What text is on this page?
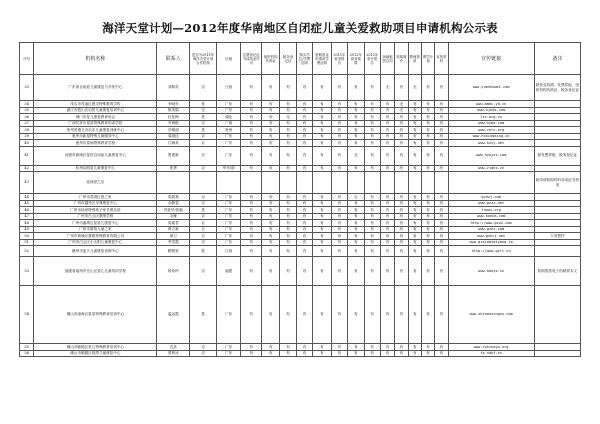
海洋天堂计划—2012年度华南地区自闭症儿童关爱救助项目申请机构公示表
序号	机构名称	联系人	是否为2011年海洋天堂计划合作机构	区域	注册登记证书或执业许可	组织机构代码证	税务登记证	购买学位/学费证明	资助资金申请或学费证明	2011年财务报告	2012年财务预算	2012年审计报告	场地租赁合同	机构简介	教师资质	教学计划	宣传资料	宣传链接	备注
33	广东省自闭症儿童康复与开发中心	刘树英	否	江西	有	有	有	有	有	有	有	有	无	有	无	有	有	www.yueshuwei.com	缺营业执照、发票样板、组织机构代码证、税务登记证
34	茂名市茂南区慧灵特殊教育学校	李晓东	是	广东	有	有	有	有	有	有	有	有	有	无	有	有	有	www.mmbc.yd.cn	
35	湛江市霞山区启智儿童康复培训中心	陈美娟	否	广东	有	有	有	有	有	有	有	有	有	无	有	有	有	www.zjkdz.com	
36	荆门市星儿康复教育协会	杜桂梅	是	湖北	有	有	无	有	有	有	有	有	有	有	有	有	有	lxc.org.cn	
37	广西凭祥市星星特殊教育培训学校	韦海艳	否	广西	有	有	有	有	有	有	有	有	有	有	有	有	有	www.xyea.com	
38	贵州省遵义市乐乐儿童康复训练中心	冯雅丽	是	贵州	有	有	有	有	有	有	有	有	有	有	有	有	有	www.zyrc.org	
39	惠州市新星特殊儿童服务中心	周丽佳	否	广东	有	有	有	有	有	有	有	有	有	有	有	有	有	www.hzxingxing.cn	
40	惠州市春雨特殊教育学校	江海英	否	广东	有	有	有	有	有	有	有	有	有	有	有	有	有	www.hzcy.net	
41	河源市源城区星语自闭症儿童康复中心	曾建新	否	广东	有	有	有	有	有	有	无	有	有	有	有	有	有	www.hyxyzx.com	缺发票样板、税务登记证
42	杭州启航星儿童康复中心	张勇	否	华东/浙	有	有	有	有	有	有	有	有	有	有	有	有	有	www.zjqhx.cn	
43	佳绿爱之应																		缺申请机构材料各项证书材发
44	广州市荔湾区惠之家	梁碧燕	否	广东	有	有	有	有	有	有	无	有	有	有	有	有	有	gzhzj.com	
45	广州市越秀区至尊康复中心	余静雯	否	广东	有	有	有	有	有	有	有	有	有	有	有	有	有	www.gzzz.net	
46	广州市扬爱特殊孩子家长俱乐部	冯爱华/张毅	是	广东	有	有	有	有	有	有	有	有	有	有	有	有	有	fuaai.org	
47	广州市白云区康纳学校	毛雁	否	广东	有	有	有	有	有	有	有	有	有	有	有	有	有	www.kanna.com	
48	广州市番禺区星星儿康复中心	梁素君	否	广东	有	有	有	有	有	有	有	有	有	有	有	有	有	http://www.gzxx.com	
49	广州市康智儿童之家	黄立新	否	广东	有	有	有	有	有	有	有	有	有	有	有	有	有	www.gzkz.com	
50	广州市黄埔区慧聪特殊教育有限公司	廖卫	否	广东	有	有	有	有	有	有	有	有	有	有	有	有	有	www.gzhcj.net	少发票样
51	广州市白云区小太阳儿童康复中心	李雪霞	否	广东	有	有	有	有	有	有	有	有	有	有	有	有	有	www.gzxiaotaiyang.co	
52	赣州市蓝天儿童康复训练中心	赖银爱	是	江西	有	有	有	有	有	有	有	有	有	有	有	有	有	http://www.gzlt.cn	
53	福建省福州市仓山区爱心儿童培训学校	杨希玲	否	福建	有	有	有	有	有	有	有	有	有	有	有	有	有	www.aaxyx.cn	机构资质电子档缺样本文
54	佛山市南海区星星特殊教育培训中心	温远霞	是	广东	有	有	有	有	有	有	有	有	有	有	有	有	有	www.xhinanxingxx.com	
55	佛山市顺德区星儿特殊教育培训中心	沈美	否	广东	有	有	有	有	有	有	有	有	有	有	有	有	有	www.fskinayu.org	
56	佛山市顺德区悦纳儿童康复中心	曾桥冰	否	广东	有	有	有	有	有	有	有	有	有	有	有	有	有	fs-sdkf.cn	
